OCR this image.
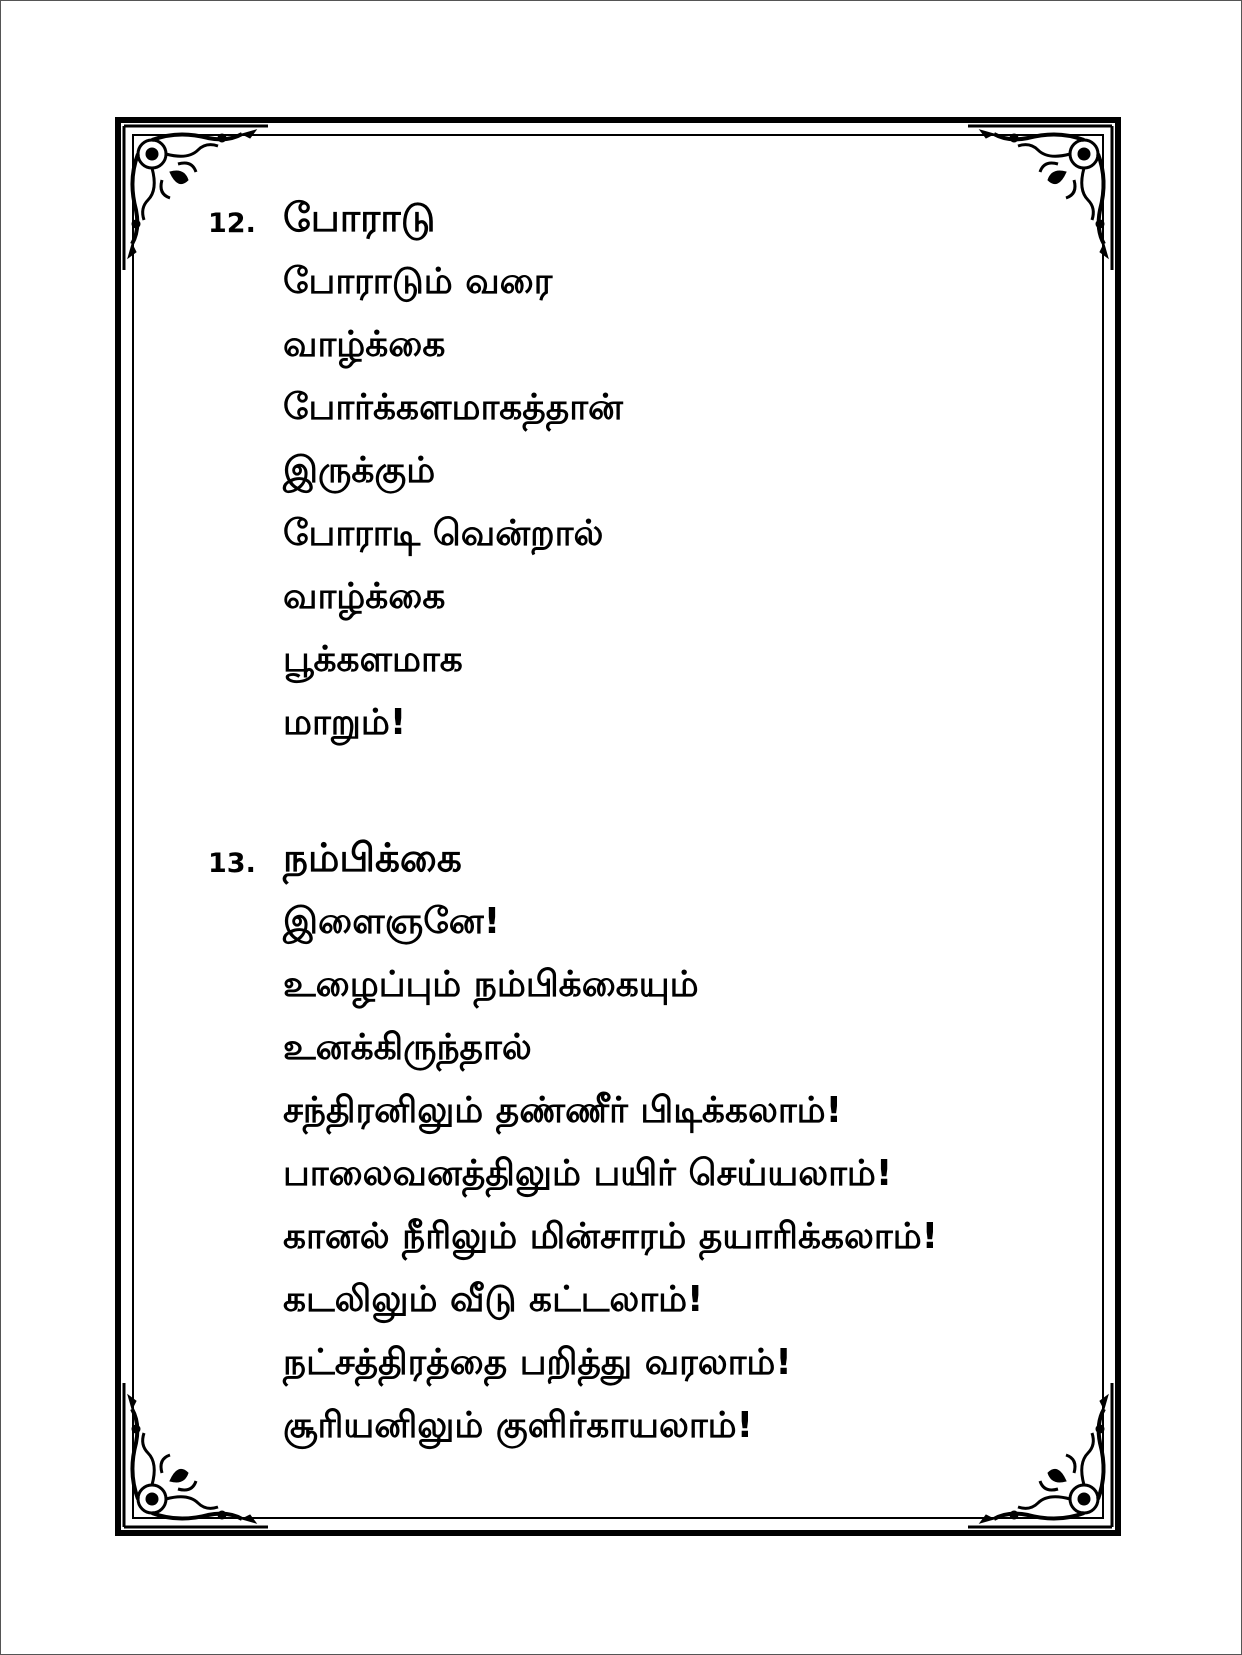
12. போராடு
போராடும் வரை
வாழ்க்கை
போர்க்களமாகத்தான்
இருக்கும்
போராடி வென்றால்
வாழ்க்கை
பூக்களமாக
மாறும்!
13. நம்பிக்கை
இளைஞனே!
உழைப்பும் நம்பிக்கையும்
உனக்கிருந்தால்
சந்திரனிலும் தண்ணீர் பிடிக்கலாம்!
பாலைவனத்திலும் பயிர் செய்யலாம்!
கானல் நீரிலும் மின்சாரம் தயாரிக்கலாம்!
கடலிலும் வீடு கட்டலாம்!
நட்சத்திரத்தை பறித்து வரலாம்!
சூரியனிலும் குளிர்காயலாம்!
